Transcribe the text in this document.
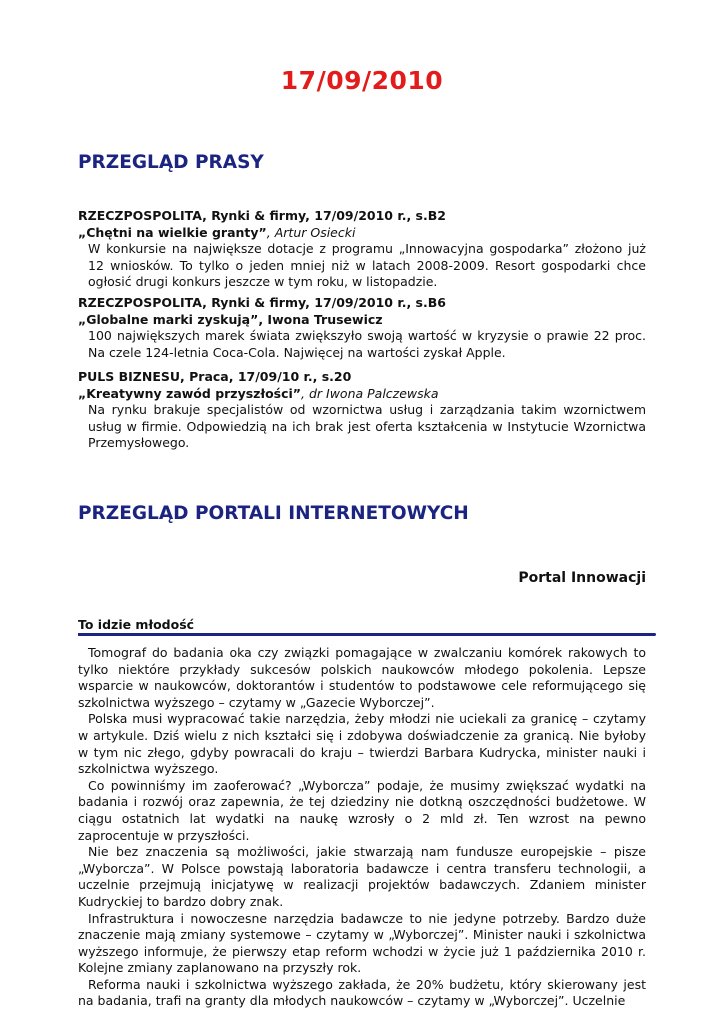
17/09/2010
PRZEGLĄD PRASY
RZECZPOSPOLITA, Rynki & firmy, 17/09/2010 r., s.B2
„Chętni na wielkie granty”, Artur Osiecki
W konkursie na największe dotacje z programu „Innowacyjna gospodarka” złożono już 12 wniosków. To tylko o jeden mniej niż w latach 2008-2009. Resort gospodarki chce ogłosić drugi konkurs jeszcze w tym roku, w listopadzie.
RZECZPOSPOLITA, Rynki & firmy, 17/09/2010 r., s.B6
„Globalne marki zyskują”, Iwona Trusewicz
100 największych marek świata zwiększyło swoją wartość w kryzysie o prawie 22 proc. Na czele 124-letnia Coca-Cola. Najwięcej na wartości zyskał Apple.
PULS BIZNESU, Praca, 17/09/10 r., s.20
„Kreatywny zawód przyszłości”, dr Iwona Palczewska
Na rynku brakuje specjalistów od wzornictwa usług i zarządzania takim wzornictwem usług w firmie. Odpowiedzią na ich brak jest oferta kształcenia w Instytucie Wzornictwa Przemysłowego.
PRZEGLĄD PORTALI INTERNETOWYCH
Portal Innowacji
To idzie młodość

Tomograf do badania oka czy związki pomagające w zwalczaniu komórek rakowych to tylko niektóre przykłady sukcesów polskich naukowców młodego pokolenia. Lepsze wsparcie w naukowców, doktorantów i studentów to podstawowe cele reformującego się szkolnictwa wyższego – czytamy w „Gazecie Wyborczej”.

Polska musi wypracować takie narzędzia, żeby młodzi nie uciekali za granicę – czytamy w artykule. Dziś wielu z nich kształci się i zdobywa doświadczenie za granicą. Nie byłoby w tym nic złego, gdyby powracali do kraju – twierdzi Barbara Kudrycka, minister nauki i szkolnictwa wyższego.

Co powinniśmy im zaoferować? „Wyborcza” podaje, że musimy zwiększać wydatki na badania i rozwój oraz zapewnia, że tej dziedziny nie dotkną oszczędności budżetowe. W ciągu ostatnich lat wydatki na naukę wzrosły o 2 mld zł. Ten wzrost na pewno zaprocentuje w przyszłości.

Nie bez znaczenia są możliwości, jakie stwarzają nam fundusze europejskie – pisze „Wyborcza”. W Polsce powstają laboratoria badawcze i centra transferu technologii, a uczelnie przejmują inicjatywę w realizacji projektów badawczych. Zdaniem minister Kudryckiej to bardzo dobry znak.

Infrastruktura i nowoczesne narzędzia badawcze to nie jedyne potrzeby. Bardzo duże znaczenie mają zmiany systemowe – czytamy w „Wyborczej”. Minister nauki i szkolnictwa wyższego informuje, że pierwszy etap reform wchodzi w życie już 1 października 2010 r. Kolejne zmiany zaplanowano na przyszły rok.

Reforma nauki i szkolnictwa wyższego zakłada, że 20% budżetu, który skierowany jest na badania, trafi na granty dla młodych naukowców – czytamy w „Wyborczej”. Uczelnie
